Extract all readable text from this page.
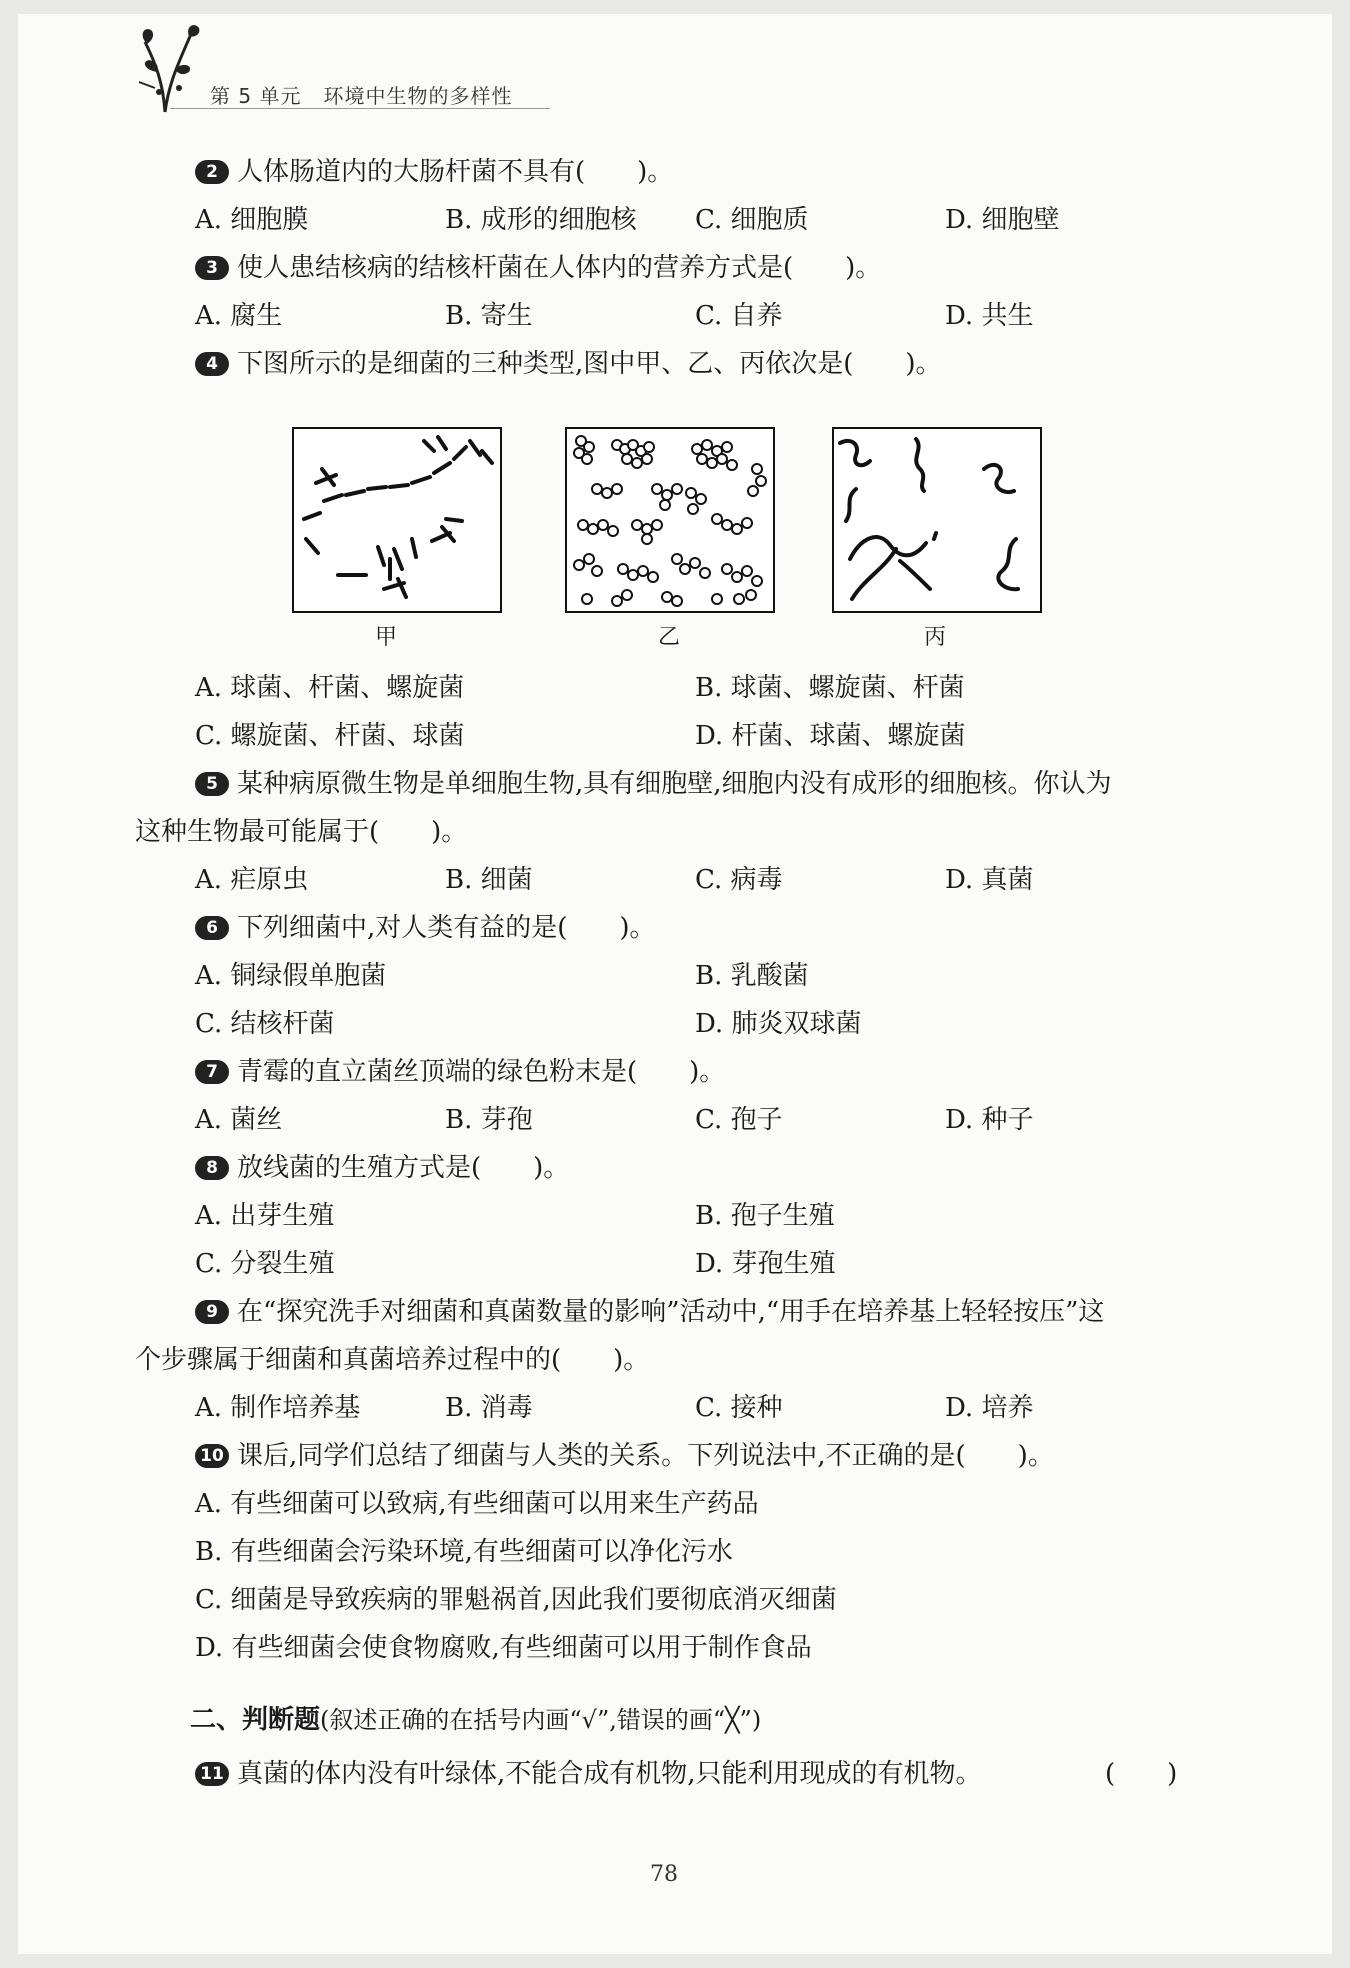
第 5 单元 环境中生物的多样性
2 人体肠道内的大肠杆菌不具有(　　)。
A. 细胞膜	B. 成形的细胞核 C. 细胞质	D. 细胞壁
3 使人患结核病的结核杆菌在人体内的营养方式是(　　)。
A. 腐生	B. 寄生	C. 自养	D. 共生
4 下图所示的是细菌的三种类型,图中甲、乙、丙依次是(　　)。
甲	乙	丙
A. 球菌、杆菌、螺旋菌	B. 球菌、螺旋菌、杆菌
C. 螺旋菌、杆菌、球菌	D. 杆菌、球菌、螺旋菌
5 某种病原微生物是单细胞生物,具有细胞壁,细胞内没有成形的细胞核。你认为
这种生物最可能属于(　　)。
A. 疟原虫	B. 细菌	C. 病毒	D. 真菌
6 下列细菌中,对人类有益的是(　　)。
A. 铜绿假单胞菌	B. 乳酸菌
C. 结核杆菌	D. 肺炎双球菌
7 青霉的直立菌丝顶端的绿色粉末是(　　)。
A. 菌丝	B. 芽孢	C. 孢子	D. 种子
8 放线菌的生殖方式是(　　)。
A. 出芽生殖	B. 孢子生殖
C. 分裂生殖	D. 芽孢生殖
9 在“探究洗手对细菌和真菌数量的影响”活动中,“用手在培养基上轻轻按压”这
个步骤属于细菌和真菌培养过程中的(　　)。
A. 制作培养基	B. 消毒	C. 接种	D. 培养
10 课后,同学们总结了细菌与人类的关系。下列说法中,不正确的是(　　)。
A. 有些细菌可以致病,有些细菌可以用来生产药品
B. 有些细菌会污染环境,有些细菌可以净化污水
C. 细菌是导致疾病的罪魁祸首,因此我们要彻底消灭细菌
D. 有些细菌会使食物腐败,有些细菌可以用于制作食品
二、判断题(叙述正确的在括号内画“√”,错误的画“╳”)
11 真菌的体内没有叶绿体,不能合成有机物,只能利用现成的有机物。	(　　)
78
